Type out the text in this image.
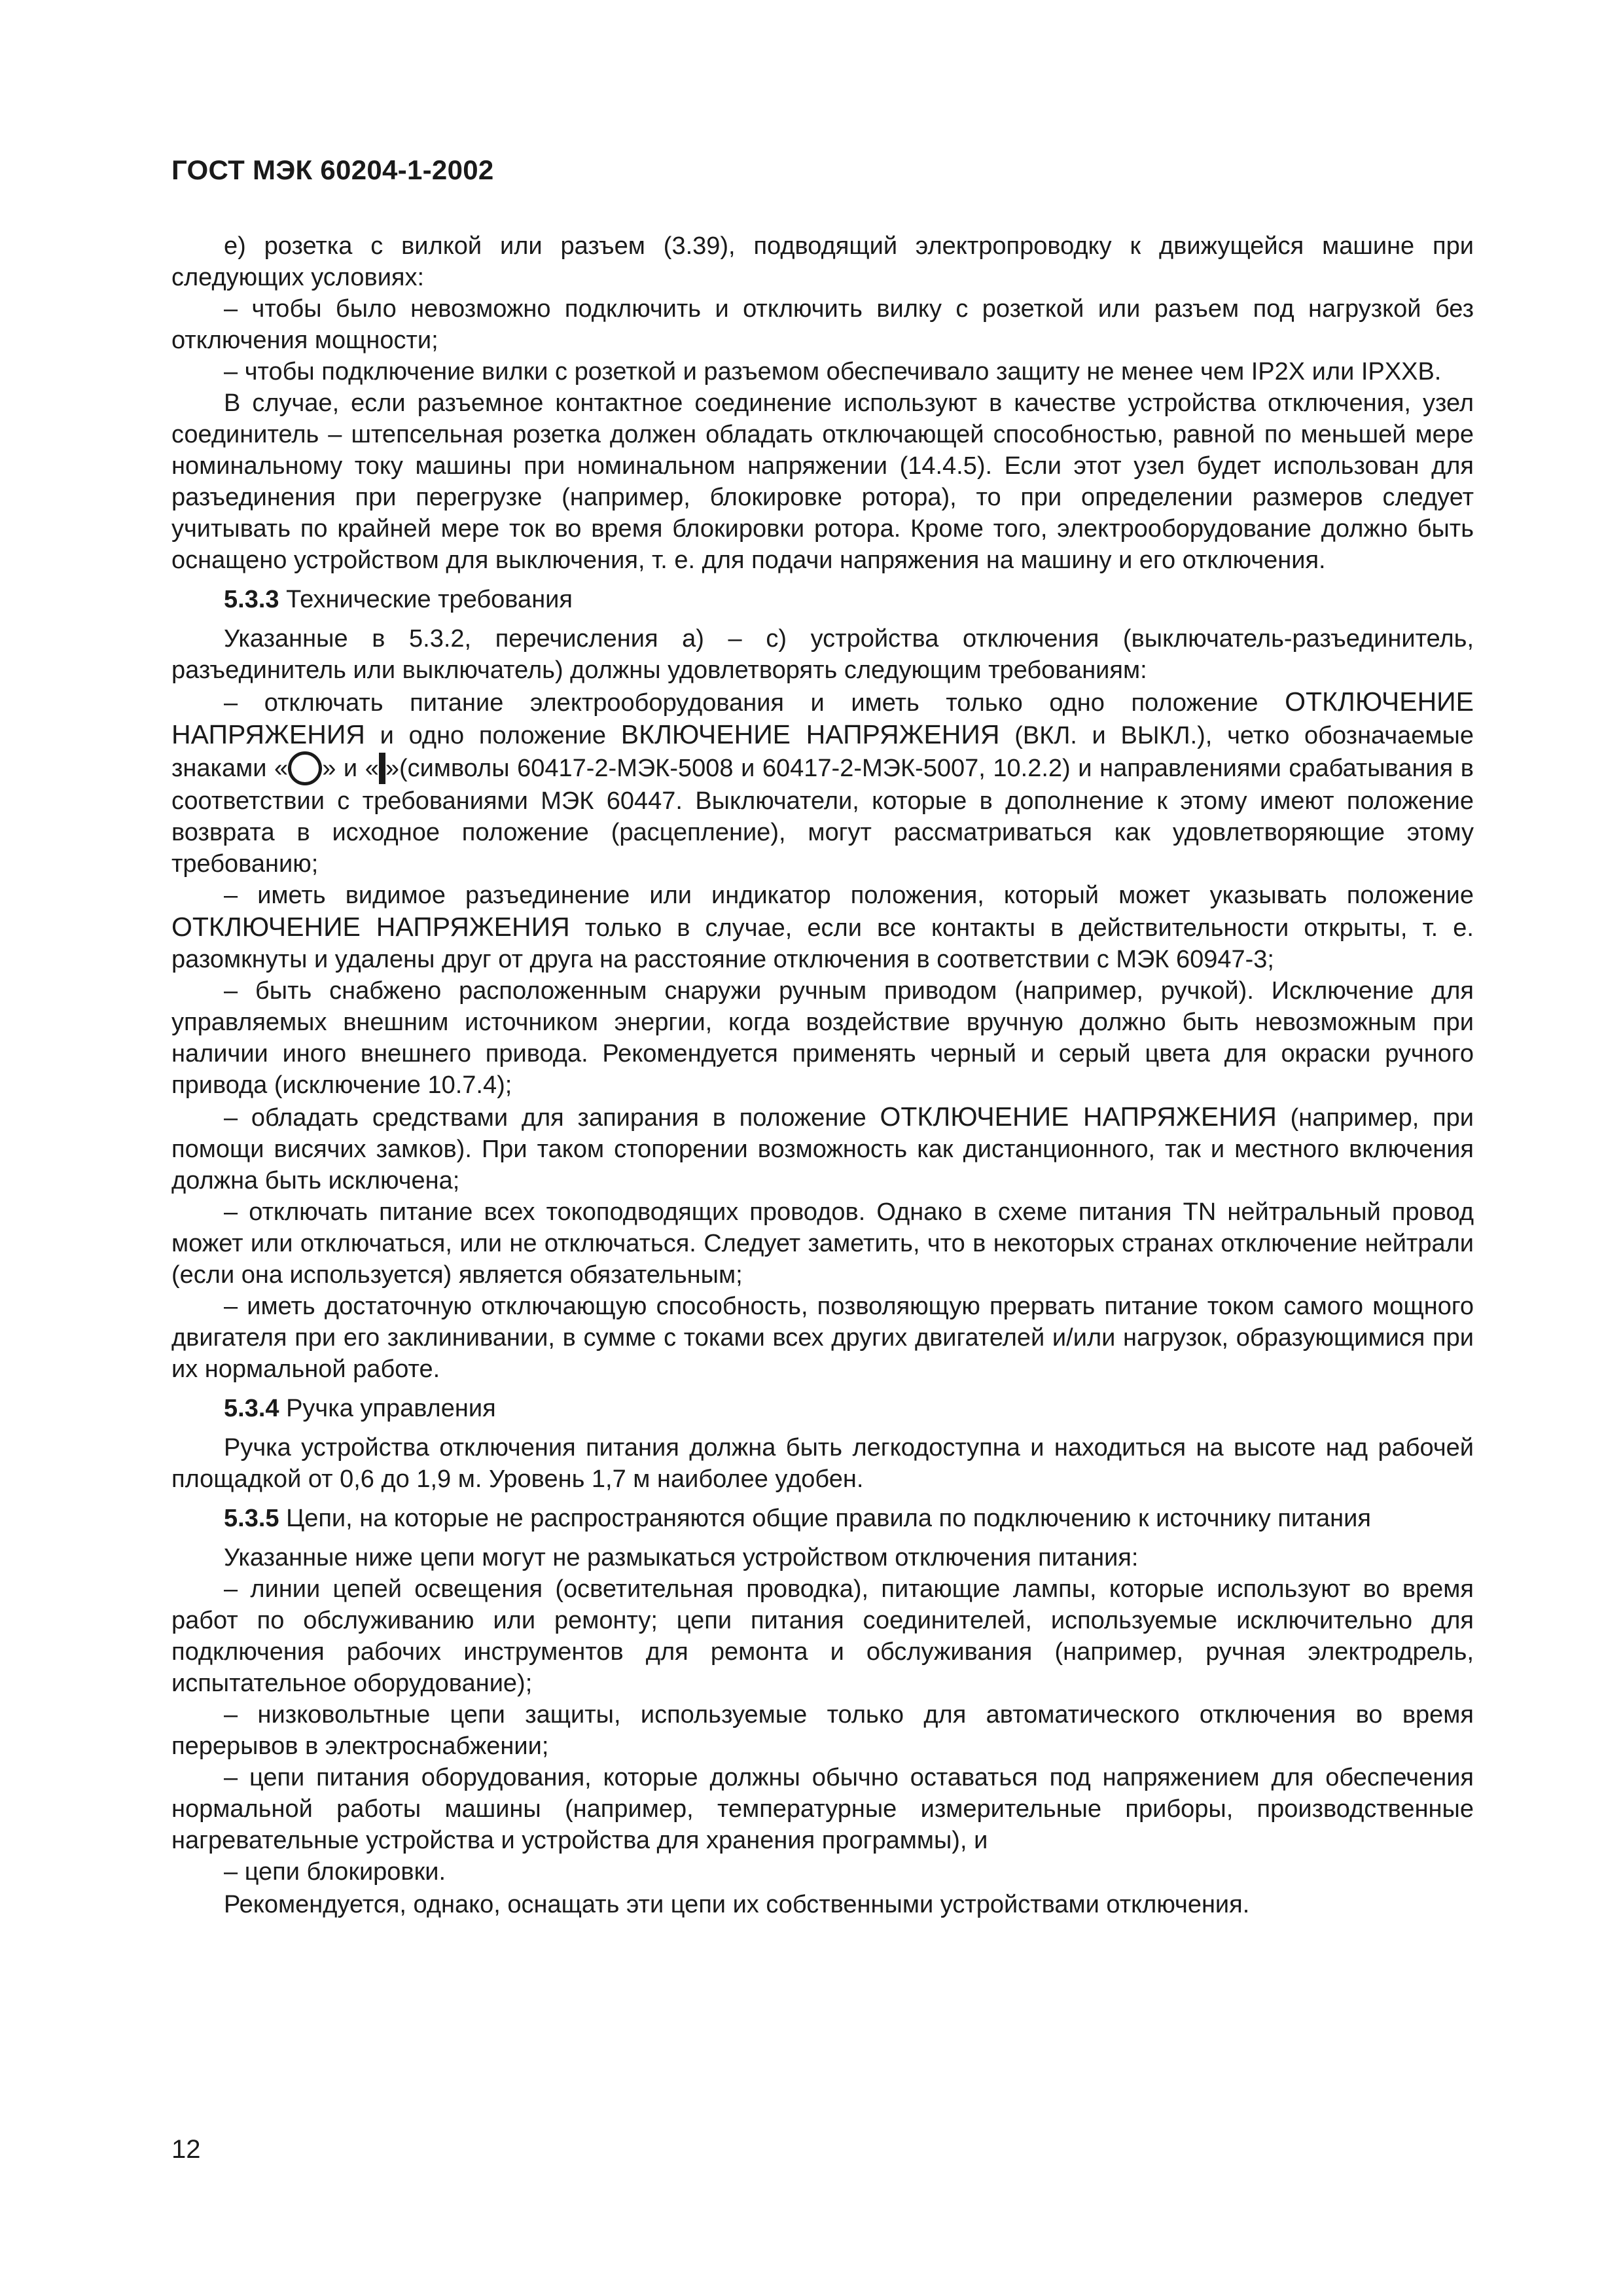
ГОСТ МЭК 60204-1-2002

е) розетка с вилкой или разъем (3.39), подводящий электропроводку к движущейся машине при следующих условиях:

– чтобы было невозможно подключить и отключить вилку с розеткой или разъем под нагрузкой без отключения мощности;

– чтобы подключение вилки с розеткой и разъемом обеспечивало защиту не менее чем IP2X или IPXXB.

В случае, если разъемное контактное соединение используют в качестве устройства отключения, узел соединитель – штепсельная розетка должен обладать отключающей способностью, равной по меньшей мере номинальному току машины при номинальном напряжении (14.4.5). Если этот узел будет использован для разъединения при перегрузке (например, блокировке ротора), то при определении размеров следует учитывать по крайней мере ток во время блокировки ротора. Кроме того, электрооборудование должно быть оснащено устройством для выключения, т. е. для подачи напряжения на машину и его отключения.

5.3.3 Технические требования

Указанные в 5.3.2, перечисления а) – с) устройства отключения (выключатель-разъединитель, разъединитель или выключатель) должны удовлетворять следующим требованиям:

– отключать питание электрооборудования и иметь только одно положение ОТКЛЮЧЕНИЕ НАПРЯЖЕНИЯ и одно положение ВКЛЮЧЕНИЕ НАПРЯЖЕНИЯ (ВКЛ. и ВЫКЛ.), четко обозначаемые знаками « » и « »(символы 60417-2-МЭК-5008 и 60417-2-МЭК-5007, 10.2.2) и направлениями срабатывания в соответствии с требованиями МЭК 60447. Выключатели, которые в дополнение к этому имеют положение возврата в исходное положение (расцепление), могут рассматриваться как удовлетворяющие этому требованию;

– иметь видимое разъединение или индикатор положения, который может указывать положение ОТКЛЮЧЕНИЕ НАПРЯЖЕНИЯ только в случае, если все контакты в действительности открыты, т. е. разомкнуты и удалены друг от друга на расстояние отключения в соответствии с МЭК 60947-3;

– быть снабжено расположенным снаружи ручным приводом (например, ручкой). Исключение для управляемых внешним источником энергии, когда воздействие вручную должно быть невозможным при наличии иного внешнего привода. Рекомендуется применять черный и серый цвета для окраски ручного привода (исключение 10.7.4);

– обладать средствами для запирания в положение ОТКЛЮЧЕНИЕ НАПРЯЖЕНИЯ (например, при помощи висячих замков). При таком стопорении возможность как дистанционного, так и местного включения должна быть исключена;

– отключать питание всех токоподводящих проводов. Однако в схеме питания TN нейтральный провод может или отключаться, или не отключаться. Следует заметить, что в некоторых странах отключение нейтрали (если она используется) является обязательным;

– иметь достаточную отключающую способность, позволяющую прервать питание током самого мощного двигателя при его заклинивании, в сумме с токами всех других двигателей и/или нагрузок, образующимися при их нормальной работе.

5.3.4 Ручка управления

Ручка устройства отключения питания должна быть легкодоступна и находиться на высоте над рабочей площадкой от 0,6 до 1,9 м. Уровень 1,7 м наиболее удобен.

5.3.5 Цепи, на которые не распространяются общие правила по подключению к источнику питания

Указанные ниже цепи могут не размыкаться устройством отключения питания:

– линии цепей освещения (осветительная проводка), питающие лампы, которые используют во время работ по обслуживанию или ремонту; цепи питания соединителей, используемые исключительно для подключения рабочих инструментов для ремонта и обслуживания (например, ручная электродрель, испытательное оборудование);

– низковольтные цепи защиты, используемые только для автоматического отключения во время перерывов в электроснабжении;

– цепи питания оборудования, которые должны обычно оставаться под напряжением для обеспечения нормальной работы машины (например, температурные измерительные приборы, производственные нагревательные устройства и устройства для хранения программы), и

– цепи блокировки.

Рекомендуется, однако, оснащать эти цепи их собственными устройствами отключения.

12
